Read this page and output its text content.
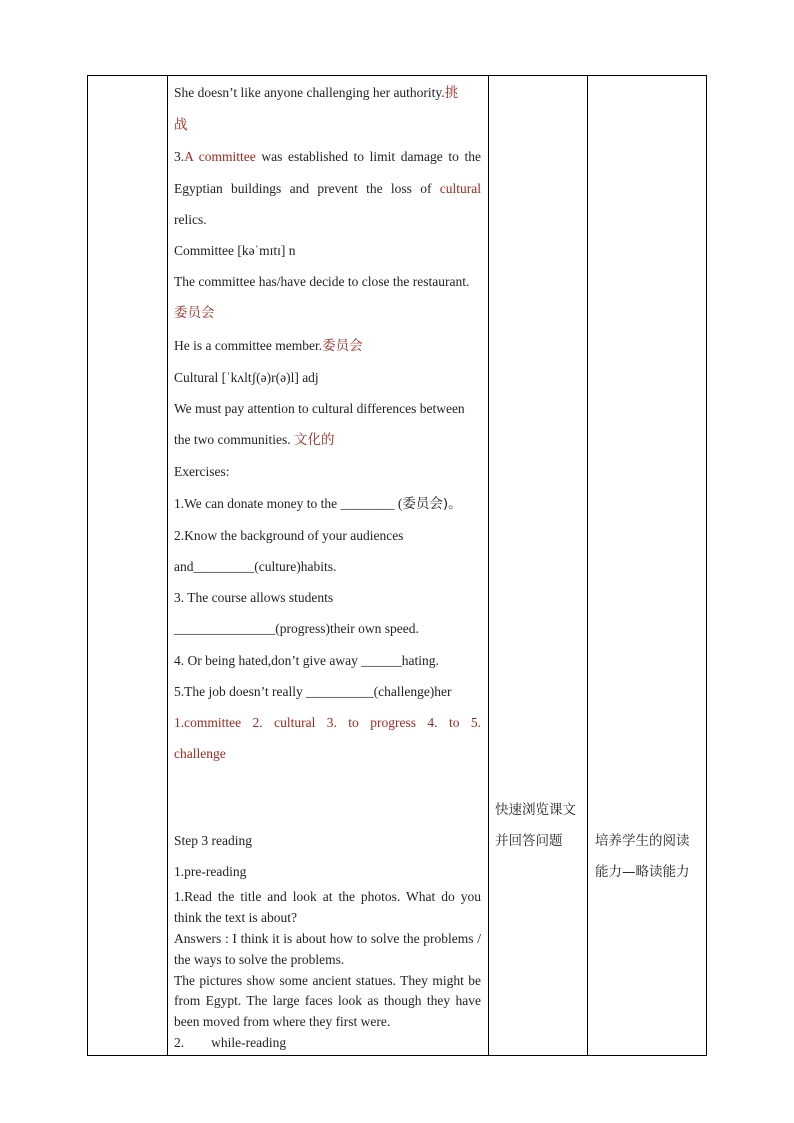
She doesn’t like anyone challenging her authority.挑
战
3.A committee was established to limit damage to the
Egyptian buildings and prevent the loss of cultural
relics.
Committee [kəˈmɪtɪ] n
The committee has/have decide to close the restaurant.
委员会
He is a committee member.委员会
Cultural [ˈkʌltʃ(ə)r(ə)l] adj
We must pay attention to cultural differences between
the two communities. 文化的
Exercises:
1.We can donate money to the ________ (委员会)。
2.Know the background of your audiences
and_________(culture)habits.
3. The course allows students
_______________(progress)their own speed.
4. Or being hated,don’t give away ______hating.
5.The job doesn’t really __________(challenge)her
1.committee 2. cultural 3. to progress 4. to 5.
challenge
Step 3 reading
1.pre-reading
1.Read the title and look at the photos. What do you think the text is about?
Answers : I think it is about how to solve the problems / the ways to solve the problems.
The pictures show some ancient statues. They might be from Egypt. The large faces look as though they have been moved from where they first were.
2.        while-reading
快速浏览课文
并回答问题	培养学生的阅读
能力—略读能力
